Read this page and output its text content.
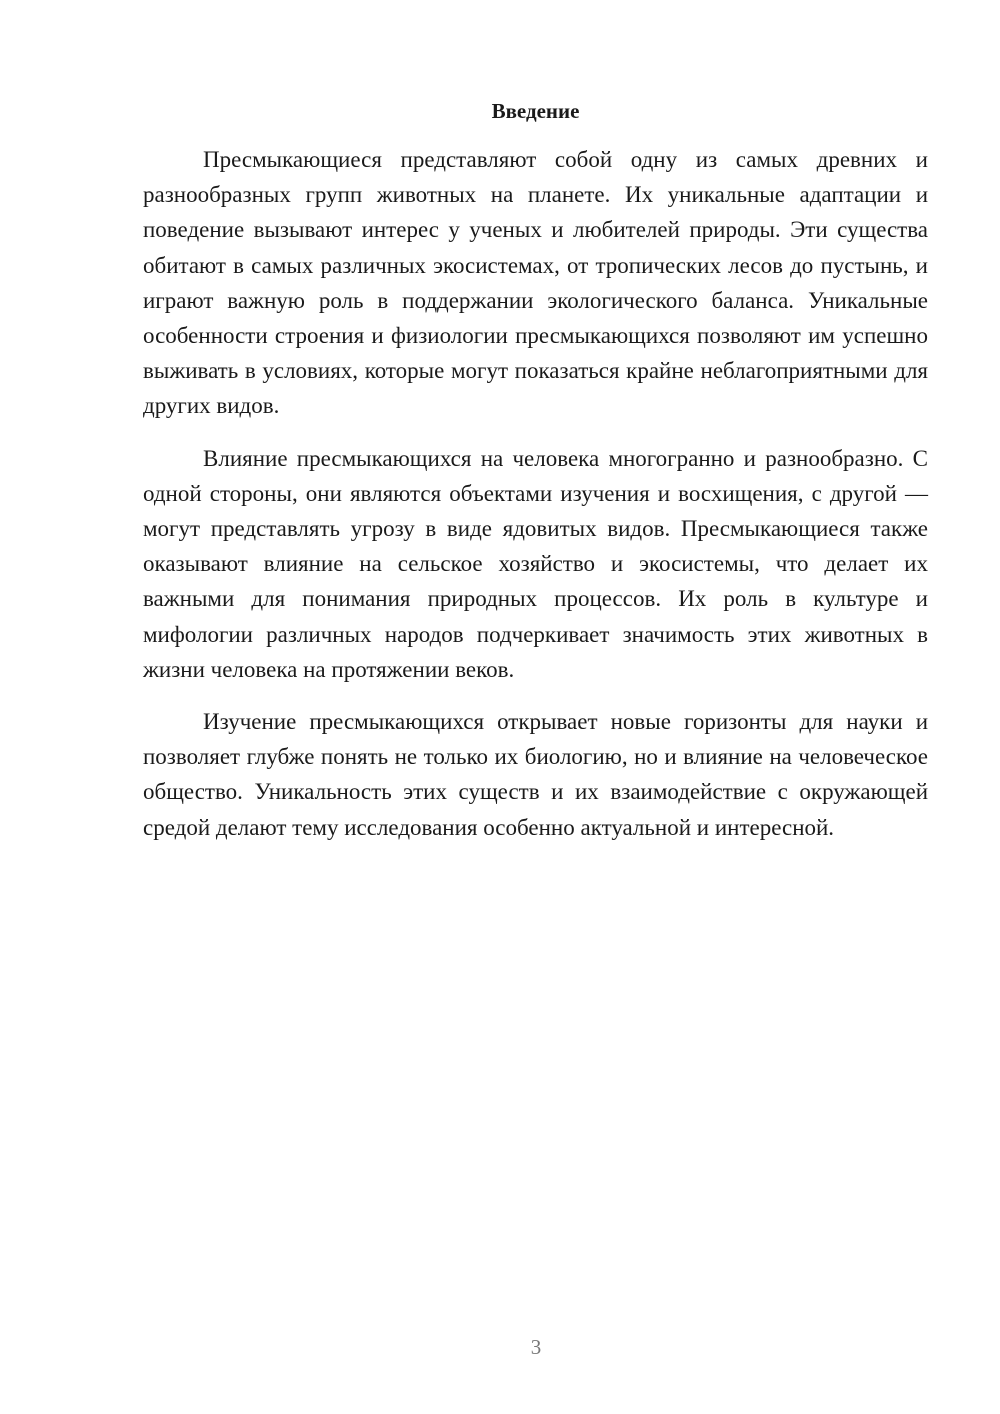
Введение

Пресмыкающиеся представляют собой одну из самых древних и разнообразных групп животных на планете. Их уникальные адаптации и поведение вызывают интерес у ученых и любителей природы. Эти существа обитают в самых различных экосистемах, от тропических лесов до пустынь, и играют важную роль в поддержании экологического баланса. Уникальные особенности строения и физиологии пресмыкающихся позволяют им успешно выживать в условиях, которые могут показаться крайне неблагоприятными для других видов.

Влияние пресмыкающихся на человека многогранно и разнообразно. С одной стороны, они являются объектами изучения и восхищения, с другой — могут представлять угрозу в виде ядовитых видов. Пресмыкающиеся также оказывают влияние на сельское хозяйство и экосистемы, что делает их важными для понимания природных процессов. Их роль в культуре и мифологии различных народов подчеркивает значимость этих животных в жизни человека на протяжении веков.

Изучение пресмыкающихся открывает новые горизонты для науки и позволяет глубже понять не только их биологию, но и влияние на человеческое общество. Уникальность этих существ и их взаимодействие с окружающей средой делают тему исследования особенно актуальной и интересной.

3
